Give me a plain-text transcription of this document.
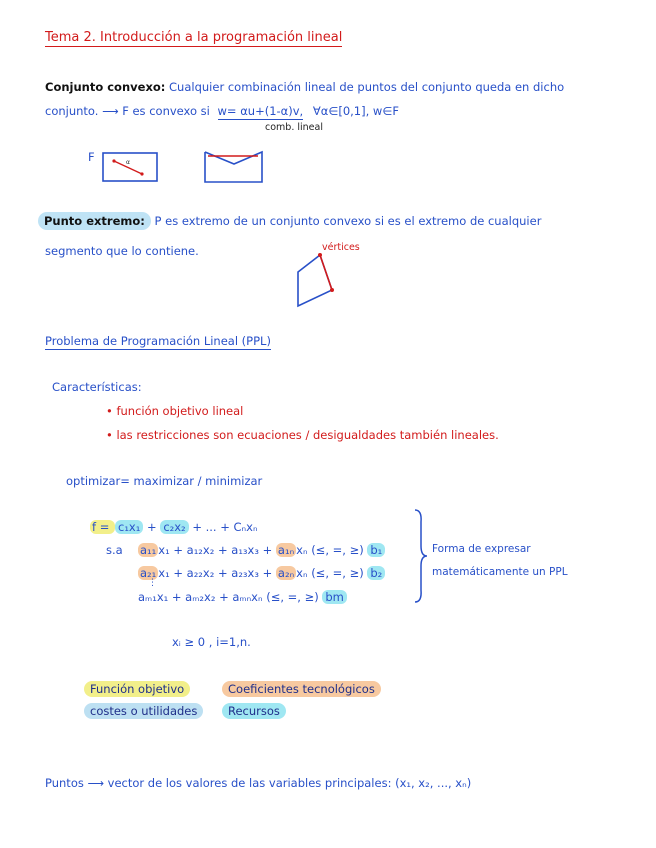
Tema 2. Introducción a la programación lineal
Conjunto convexo: Cualquier combinación lineal de puntos del conjunto queda en dicho
conjunto. ⟶ F es convexo si w= αu+(1-α)v, ∀α∈[0,1], w∈F
comb. lineal
F	α
Punto extremo: P es extremo de un conjunto convexo si es el extremo de cualquier
segmento que lo contiene.	vértices
Problema de Programación Lineal (PPL)
Características:
• función objetivo lineal
• las restricciones son ecuaciones / desigualdades también lineales.
optimizar= maximizar / minimizar
f = c₁x₁ + c₂x₂ + ... + Cₙxₙ
s.a a₁₁ x₁ + a₁₂x₂ + a₁₃x₃ + a₁ₙ xₙ (≤, =, ≥) b₁
a₂₁ x₁ + a₂₂x₂ + a₂₃x₃ + a₂ₙ xₙ (≤, =, ≥) b₂
⋮
aₘ₁x₁ + aₘ₂x₂ + aₘₙxₙ (≤, =, ≥) bm
Forma de expresar
matemáticamente un PPL
xᵢ ≥ 0 , i=1,n.
Función objetivo	Coeficientes tecnológicos
costes o utilidades	Recursos
Puntos ⟶ vector de los valores de las variables principales: (x₁, x₂, ..., xₙ)
